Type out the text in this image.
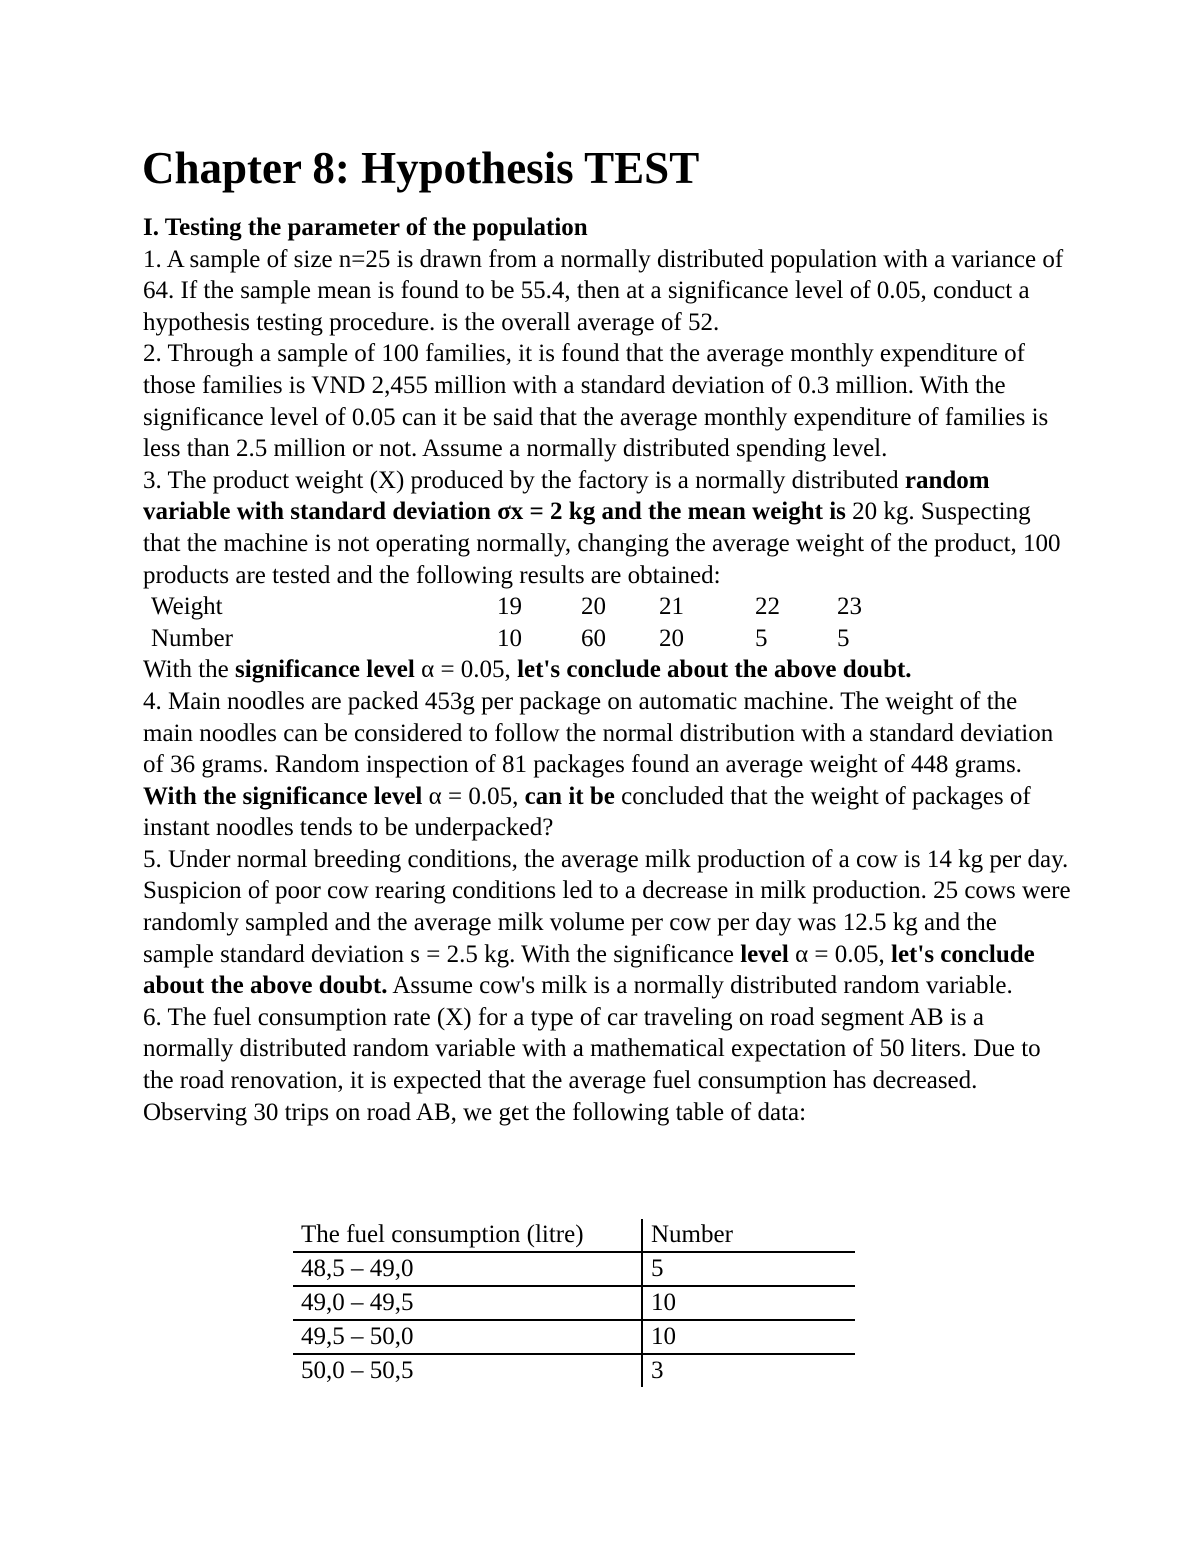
Chapter 8: Hypothesis TEST

I. Testing the parameter of the population

1. A sample of size n=25 is drawn from a normally distributed population with a variance of 64. If the sample mean is found to be 55.4, then at a significance level of 0.05, conduct a hypothesis testing procedure. is the overall average of 52.

2. Through a sample of 100 families, it is found that the average monthly expenditure of those families is VND 2,455 million with a standard deviation of 0.3 million. With the significance level of 0.05 can it be said that the average monthly expenditure of families is less than 2.5 million or not. Assume a normally distributed spending level.

3. The product weight (X) produced by the factory is a normally distributed random variable with standard deviation σx = 2 kg and the mean weight is 20 kg. Suspecting that the machine is not operating normally, changing the average weight of the product, 100 products are tested and the following results are obtained:

Weight	19	20	21	22	23
Number	10	60	20	5	5

With the significance level α = 0.05, let's conclude about the above doubt.

4. Main noodles are packed 453g per package on automatic machine. The weight of the main noodles can be considered to follow the normal distribution with a standard deviation of 36 grams. Random inspection of 81 packages found an average weight of 448 grams. With the significance level α = 0.05, can it be concluded that the weight of packages of instant noodles tends to be underpacked?

5. Under normal breeding conditions, the average milk production of a cow is 14 kg per day. Suspicion of poor cow rearing conditions led to a decrease in milk production. 25 cows were randomly sampled and the average milk volume per cow per day was 12.5 kg and the sample standard deviation s = 2.5 kg. With the significance level α = 0.05, let's conclude about the above doubt. Assume cow's milk is a normally distributed random variable.

6. The fuel consumption rate (X) for a type of car traveling on road segment AB is a normally distributed random variable with a mathematical expectation of 50 liters. Due to the road renovation, it is expected that the average fuel consumption has decreased. Observing 30 trips on road AB, we get the following table of data:

The fuel consumption (litre)	Number
48,5 – 49,0	5
49,0 – 49,5	10
49,5 – 50,0	10
50,0 – 50,5	3
